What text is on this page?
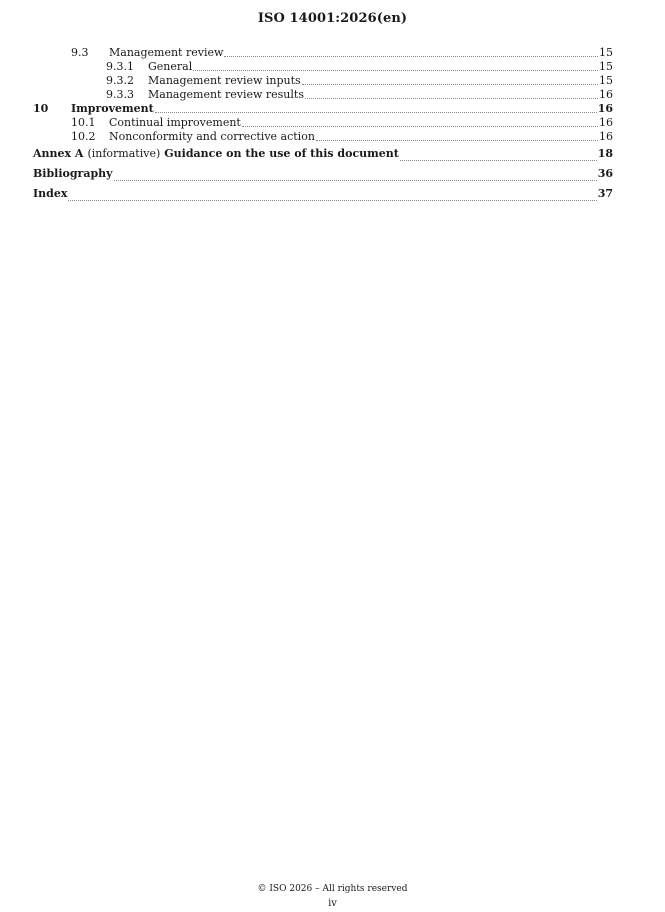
ISO 14001:2026(en)
9.3	Management review	15
9.3.1	General	15
9.3.2	Management review inputs	15
9.3.3	Management review results	16
10	Improvement	16
10.1	Continual improvement	16
10.2	Nonconformity and corrective action	16
Annex A (informative) Guidance on the use of this document	18
Bibliography	36
Index	37
© ISO 2026 – All rights reserved
iv
